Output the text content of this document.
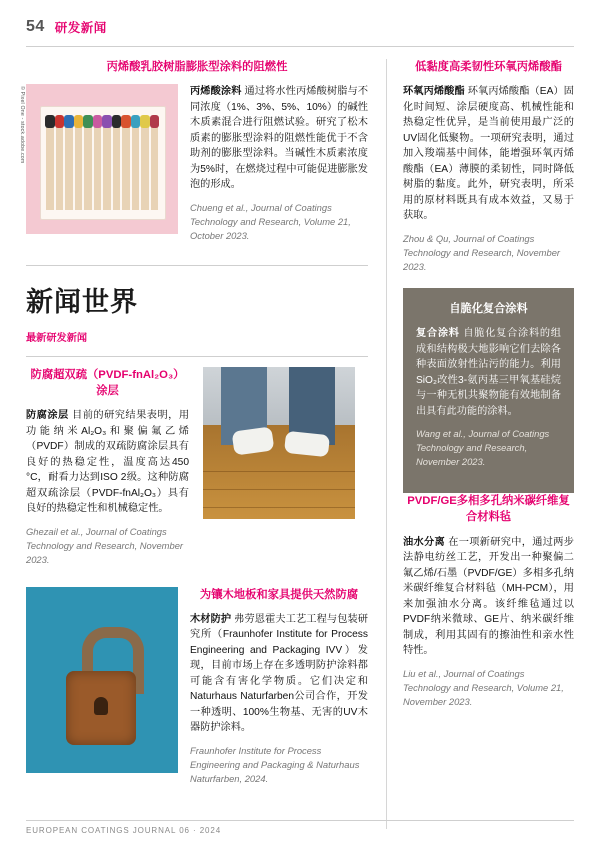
54 研发新闻
丙烯酸乳胶树脂膨胀型涂料的阻燃性
© Pixel One - stock.adobe.com	丙烯酸涂料 通过将水性丙烯酸树脂与不同浓度（1%、3%、5%、10%）的碱性木质素混合进行阻燃试验。研究了松木质素的膨胀型涂料的阻燃性能优于不含助剂的膨胀型涂料。当碱性木质素浓度为5%时，在燃烧过程中可能促进膨胀发泡的形成。

Chueng et al., Journal of Coatings Technology and Research, Volume 21, October 2023.

新闻世界

最新研发新闻

防腐超双疏（PVDF-fnAl₂O₃）涂层

防腐涂层 目前的研究结果表明，用功能纳米Al₂O₃和聚偏氟乙烯（PVDF）制成的双疏防腐涂层具有良好的热稳定性，温度高达450 °C，耐看力达到ISO 2级。这种防腐超双疏涂层（PVDF-fnAl₂O₃）具有良好的热稳定性和机械稳定性。

Ghezail et al., Journal of Coatings Technology and Research, November 2023.

© Prostock-studio - stock.adobe.com
© ronstik - stock.adobe.com	为镶木地板和家具提供天然防腐

木材防护 弗劳恩霍夫工艺工程与包装研究所（Fraunhofer Institute for Process Engineering and Packaging IVV）发现，目前市场上存在多透明防护涂料都可能含有害化学物质。它们决定和Naturhaus Naturfarben公司合作，开发一种透明、100%生物基、无害的UV木器防护涂料。

Fraunhofer Institute for Process Engineering and Packaging & Naturhaus Naturfarben, 2024.

低黏度高柔韧性环氧丙烯酸酯

环氧丙烯酸酯 环氧丙烯酸酯（EA）固化时间短、涂层硬度高、机械性能和热稳定性优异，是当前使用最广泛的UV固化低聚物。一项研究表明，通过加入羧端基中间体，能增强环氧丙烯酸酯（EA）薄膜的柔韧性，同时降低树脂的黏度。此外，研究表明，所采用的原材料既具有成本效益，又易于获取。

Zhou & Qu, Journal of Coatings Technology and Research, November 2023.

自脆化复合涂料

复合涂料 自脆化复合涂料的组成和结构极大地影响它们去除各种表面放射性沾污的能力。利用SiO₂改性3-氨丙基三甲氧基硅烷与一种无机共聚物能有效地制备出具有此功能的涂料。

Wang et al., Journal of Coatings Technology and Research, November 2023.

PVDF/GE多相多孔纳米碳纤维复合材料毡

油水分离 在一项新研究中，通过两步法静电纺丝工艺，开发出一种聚偏二氟乙烯/石墨（PVDF/GE）多相多孔纳米碳纤维复合材料毡（MH-PCM），用来加强油水分离。该纤维毡通过以PVDF纳米微球、GE片、纳米碳纤维制成，利用其固有的擦油性和亲水性特性。

Liu et al., Journal of Coatings Technology and Research, Volume 21, November 2023.

EUROPEAN COATINGS JOURNAL 06 · 2024
